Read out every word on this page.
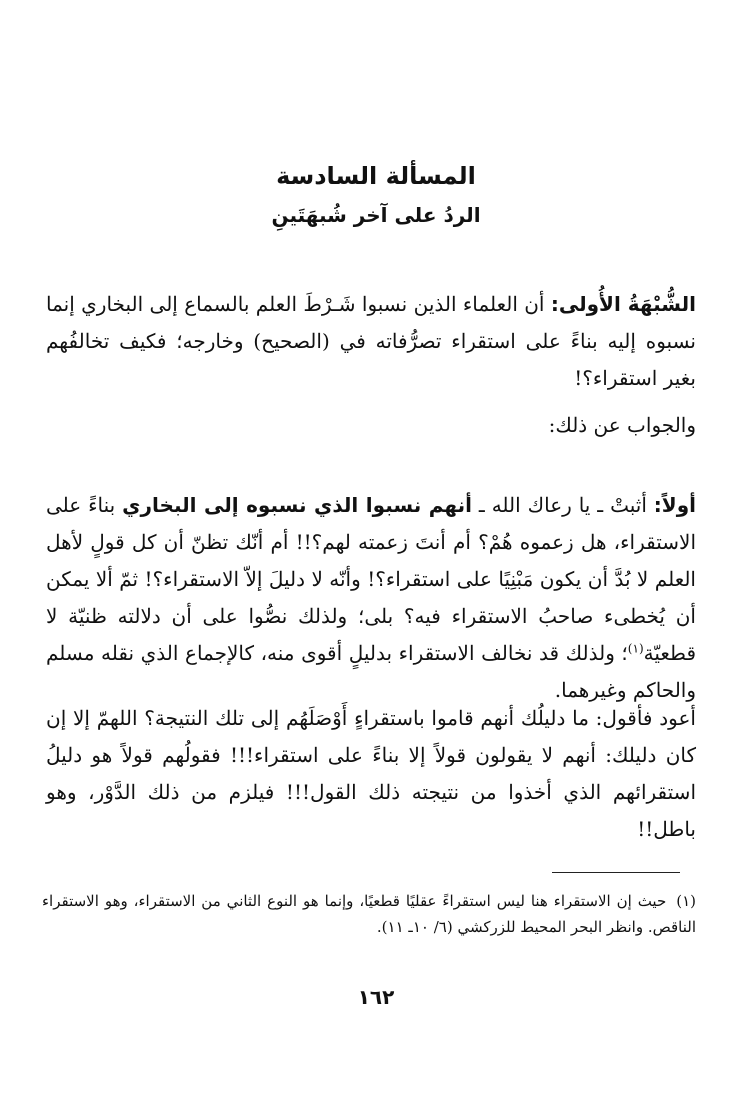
المسألة السادسة
الردُ على آخر شُبهَتَينِ
الشُّبْهَةُ الأُولى: أن العلماء الذين نسبوا شَـرْطَ العلم بالسماع إلى البخاري إنما نسبوه إليه بناءً على استقراء تصرُّفاته في (الصحيح) وخارجه؛ فكيف تخالفُهم بغير استقراء؟!
والجواب عن ذلك:
أولاً: أثبتْ ـ يا رعاك الله ـ أنهم نسبوا الذي نسبوه إلى البخاري بناءً على الاستقراء، هل زعموه هُمْ؟ أم أنتَ زعمته لهم؟!! أم أنّك تظنّ أن كل قولٍ لأهل العلم لا بُدَّ أن يكون مَبْنِيًا على استقراء؟! وأنّه لا دليلَ إلاّ الاستقراء؟! ثمّ ألا يمكن أن يُخطىء صاحبُ الاستقراء فيه؟ بلى؛ ولذلك نصُّوا على أن دلالته ظنيّة لا قطعيّة$^{(١)}$؛ ولذلك قد نخالف الاستقراء بدليلٍ أقوى منه، كالإجماع الذي نقله مسلم والحاكم وغيرهما.
أعود فأقول: ما دليلُك أنهم قاموا باستقراءٍ أَوْصَلَهُم إلى تلك النتيجة؟ اللهمّ إلا إن كان دليلك: أنهم لا يقولون قولاً إلا بناءً على استقراء!!! فقولُهم قولاً هو دليلُ استقرائهم الذي أخذوا من نتيجته ذلك القول!!! فيلزم من ذلك الدَّوْر، وهو باطل!!
(١)حيث إن الاستقراء هنا ليس استقراءً عقليًا قطعيًا، وإنما هو النوع الثاني من الاستقراء، وهو الاستقراء الناقص. وانظر البحر المحيط للزركشي (٦/ ١٠ـ ١١).
١٦٢
